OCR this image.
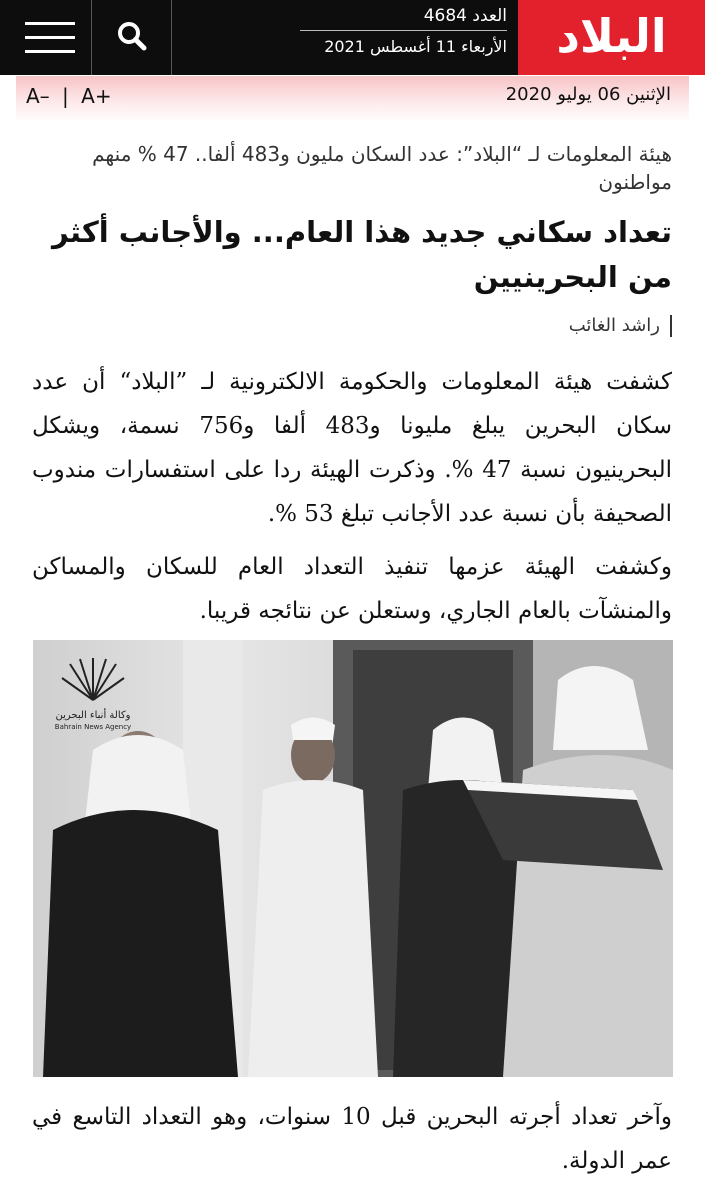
العدد 4684
الأربعاء 11 أغسطس 2021	البلاد
الإثنين 06 يوليو 2020
A– | A+
هيئة المعلومات لـ “البلاد”: عدد السكان مليون و483 ألفا.. 47 % منهم مواطنون
تعداد سكاني جديد هذا العام... والأجانب أكثر من البحرينيين
راشد الغائب
كشفت هيئة المعلومات والحكومة الالكترونية لـ ”البلاد“ أن عدد سكان البحرين يبلغ مليونا و483 ألفا و756 نسمة، ويشكل البحرينيون نسبة 47 %. وذكرت الهيئة ردا على استفسارات مندوب الصحيفة بأن نسبة عدد الأجانب تبلغ 53 %.
وكشفت الهيئة عزمها تنفيذ التعداد العام للسكان والمساكن والمنشآت بالعام الجاري، وستعلن عن نتائجه قريبا.
وكالة أنباء البحرين
Bahrain News Agency
وآخر تعداد أجرته البحرين قبل 10 سنوات، وهو التعداد التاسع في عمر الدولة.
